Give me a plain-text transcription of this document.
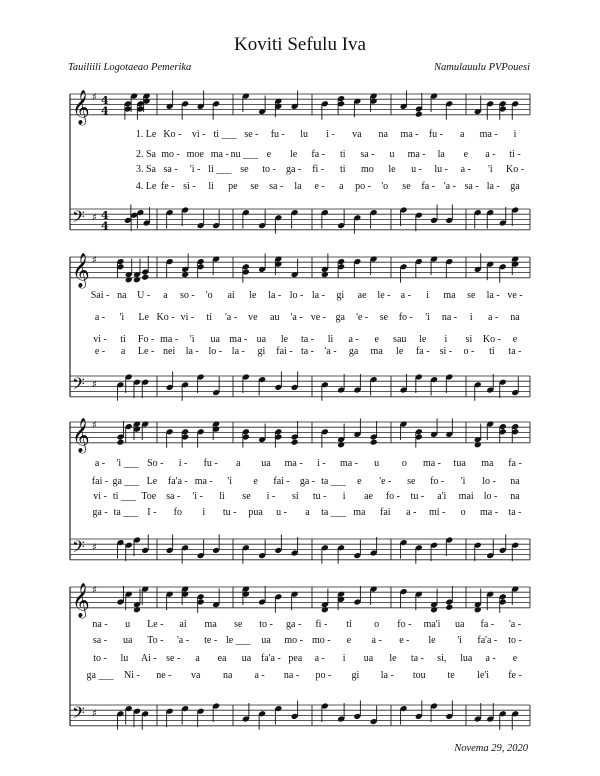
Koviti Sefulu Iva
Tauiliili Logotaeao Pemerika	Namulauulu PVPouesi
𝄞 ♯ 4
4
𝄢 ♯ 4
4
1. Le Ko - vi - ti ___ se - fu - lu i - va na ma - fu - a ma - i
2. Sa mo - moe ma - nu ___ e le fa - ti sa - u ma - la e a - ti -
3. Sa sa - 'i - li ___ se to - ga - fi - ti mo le u - lu - a - 'i Ko -
4. Le fe - si - li pe se sa - la e - a po - 'o se fa - 'a - sa - la - ga
𝄞 ♯
𝄢 ♯
Sai - na U - a so - 'o ai le la - lo - la - gi ae le - a - i ma se la - ve -
a - 'i Le Ko - vi - ti 'a - ve au 'a - ve - ga 'e - se fo - 'i na - i a - na
vi - ti Fo - ma - 'i ua ma - ua le ta - li a - e sau le i si Ko - e
e - a Le - nei la - lo - la - gi fai - ta - 'a - ga ma le fa - si - o - ti ta -
𝄞 ♯
𝄢 ♯
a - 'i ___ So - i - fu - a ua ma - i - ma - u o ma - tua ma fa -
fai - ga ___ Le fa'a - ma - 'i e fai - ga - ta ___ e 'e - se fo - 'i lo - na
vi - ti ___ Toe sa - 'i - li se i - si tu - i ae fo - tu - a'i mai lo - na
ga - ta ___ I - fo i tu - pua u - a ta ___ ma fai a - mi - o ma - ta -
𝄞 ♯
𝄢 ♯
na - u Le - ai ma se to - ga - fi - ti o fo - ma'i ua fa - 'a -
sa - ua To - 'a - te - le ___ ua mo - mo - e a - e - le 'i fa'a - to -
to - lu Ai - se - a ea ua fa'a - pea a - i ua le ta - si, lua a - e
ga ___ Ni - ne - va na a - na - po - gi la - tou te le'i fe -
Novema 29, 2020
